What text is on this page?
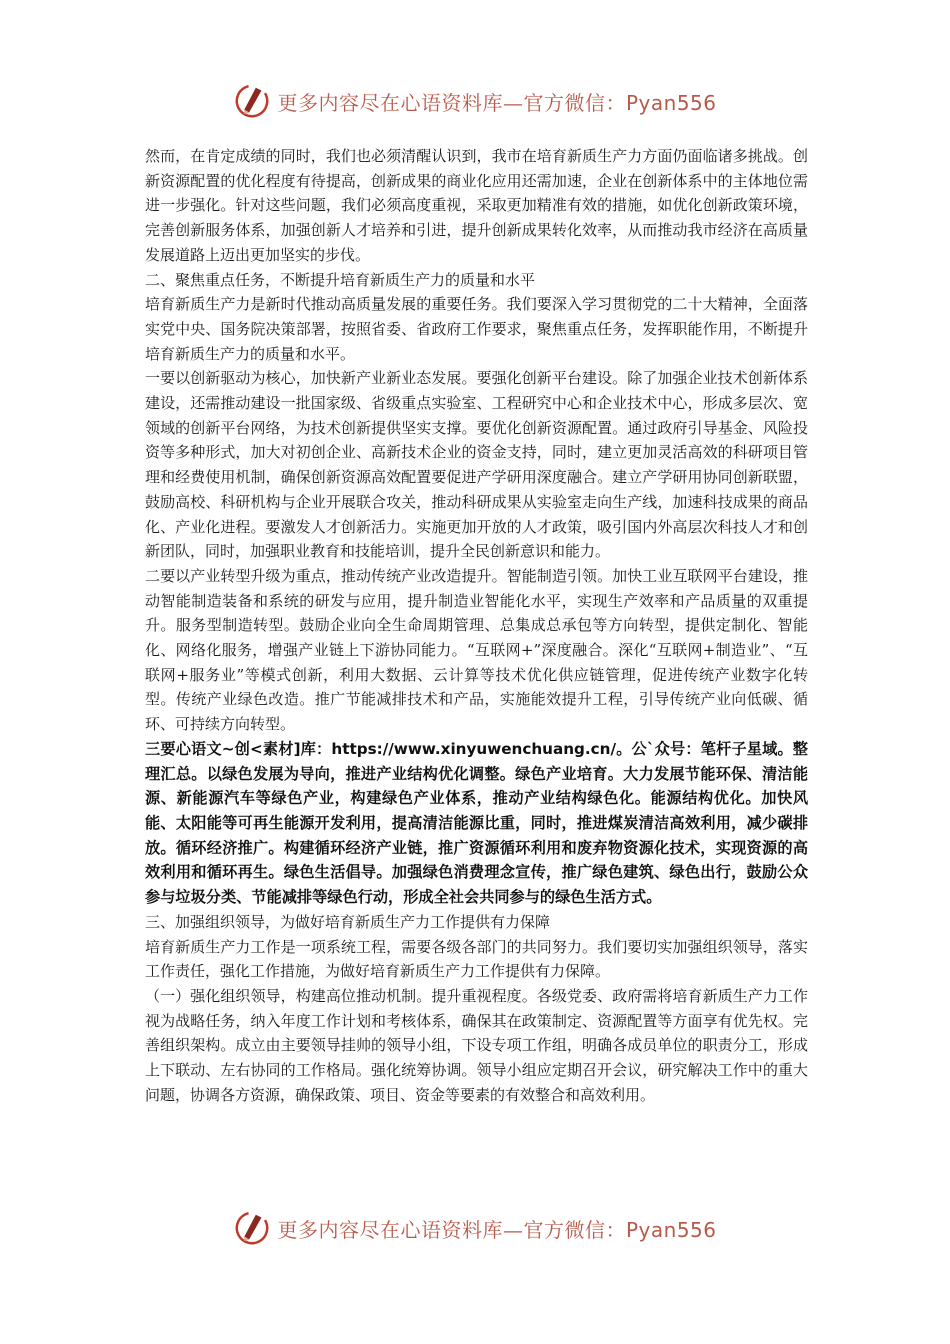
更多内容尽在心语资料库—官方微信：Pyan556

然而，在肯定成绩的同时，我们也必须清醒认识到，我市在培育新质生产力方面仍面临诸多挑战。创新资源配置的优化程度有待提高，创新成果的商业化应用还需加速，企业在创新体系中的主体地位需进一步强化。针对这些问题，我们必须高度重视，采取更加精准有效的措施，如优化创新政策环境，完善创新服务体系，加强创新人才培养和引进，提升创新成果转化效率，从而推动我市经济在高质量发展道路上迈出更加坚实的步伐。

二、聚焦重点任务，不断提升培育新质生产力的质量和水平

培育新质生产力是新时代推动高质量发展的重要任务。我们要深入学习贯彻党的二十大精神，全面落实党中央、国务院决策部署，按照省委、省政府工作要求，聚焦重点任务，发挥职能作用，不断提升培育新质生产力的质量和水平。

一要以创新驱动为核心，加快新产业新业态发展。要强化创新平台建设。除了加强企业技术创新体系建设，还需推动建设一批国家级、省级重点实验室、工程研究中心和企业技术中心，形成多层次、宽领域的创新平台网络，为技术创新提供坚实支撑。要优化创新资源配置。通过政府引导基金、风险投资等多种形式，加大对初创企业、高新技术企业的资金支持，同时，建立更加灵活高效的科研项目管理和经费使用机制，确保创新资源高效配置要促进产学研用深度融合。建立产学研用协同创新联盟，鼓励高校、科研机构与企业开展联合攻关，推动科研成果从实验室走向生产线，加速科技成果的商品化、产业化进程。要激发人才创新活力。实施更加开放的人才政策，吸引国内外高层次科技人才和创新团队，同时，加强职业教育和技能培训，提升全民创新意识和能力。

二要以产业转型升级为重点，推动传统产业改造提升。智能制造引领。加快工业互联网平台建设，推动智能制造装备和系统的研发与应用，提升制造业智能化水平，实现生产效率和产品质量的双重提升。服务型制造转型。鼓励企业向全生命周期管理、总集成总承包等方向转型，提供定制化、智能化、网络化服务，增强产业链上下游协同能力。“互联网+”深度融合。深化“互联网+制造业”、“互联网+服务业”等模式创新，利用大数据、云计算等技术优化供应链管理，促进传统产业数字化转型。传统产业绿色改造。推广节能减排技术和产品，实施能效提升工程，引导传统产业向低碳、循环、可持续方向转型。

三要心语文~创<素材]库：https://www.xinyuwenchuang.cn/。公`众号：笔杆子星域。整理汇总。以绿色发展为导向，推进产业结构优化调整。绿色产业培育。大力发展节能环保、清洁能源、新能源汽车等绿色产业，构建绿色产业体系，推动产业结构绿色化。能源结构优化。加快风能、太阳能等可再生能源开发利用，提高清洁能源比重，同时，推进煤炭清洁高效利用，减少碳排放。循环经济推广。构建循环经济产业链，推广资源循环利用和废弃物资源化技术，实现资源的高效利用和循环再生。绿色生活倡导。加强绿色消费理念宣传，推广绿色建筑、绿色出行，鼓励公众参与垃圾分类、节能减排等绿色行动，形成全社会共同参与的绿色生活方式。

三、加强组织领导，为做好培育新质生产力工作提供有力保障

培育新质生产力工作是一项系统工程，需要各级各部门的共同努力。我们要切实加强组织领导，落实工作责任，强化工作措施，为做好培育新质生产力工作提供有力保障。

（一）强化组织领导，构建高位推动机制。提升重视程度。各级党委、政府需将培育新质生产力工作视为战略任务，纳入年度工作计划和考核体系，确保其在政策制定、资源配置等方面享有优先权。完善组织架构。成立由主要领导挂帅的领导小组，下设专项工作组，明确各成员单位的职责分工，形成上下联动、左右协同的工作格局。强化统筹协调。领导小组应定期召开会议，研究解决工作中的重大问题，协调各方资源，确保政策、项目、资金等要素的有效整合和高效利用。

更多内容尽在心语资料库—官方微信：Pyan556
